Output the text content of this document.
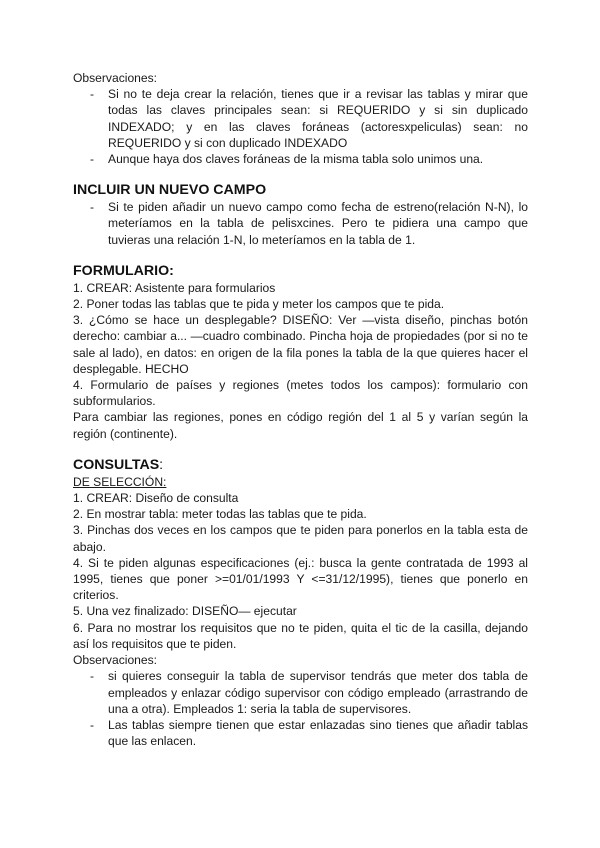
Observaciones:

- Si no te deja crear la relación, tienes que ir a revisar las tablas y mirar que todas las claves principales sean: si REQUERIDO y si sin duplicado INDEXADO; y en las claves foráneas (actoresxpeliculas) sean: no REQUERIDO y si con duplicado INDEXADO
- Aunque haya dos claves foráneas de la misma tabla solo unimos una.
INCLUIR UN NUEVO CAMPO
- Si te piden añadir un nuevo campo como fecha de estreno(relación N-N), lo meteríamos en la tabla de pelisxcines. Pero te pidiera una campo que tuvieras una relación 1-N, lo meteríamos en la tabla de 1.
FORMULARIO:

1. CREAR: Asistente para formularios

2. Poner todas las tablas que te pida y meter los campos que te pida.

3. ¿Cómo se hace un desplegable? DISEÑO: Ver —vista diseño, pinchas botón derecho: cambiar a... —cuadro combinado. Pincha hoja de propiedades (por si no te sale al lado), en datos: en origen de la fila pones la tabla de la que quieres hacer el desplegable. HECHO

4. Formulario de países y regiones (metes todos los campos): formulario con subformularios.

Para cambiar las regiones, pones en código región del 1 al 5 y varían según la región (continente).

CONSULTAS:

DE SELECCIÓN:

1. CREAR: Diseño de consulta

2. En mostrar tabla: meter todas las tablas que te pida.

3. Pinchas dos veces en los campos que te piden para ponerlos en la tabla esta de abajo.

4. Si te piden algunas especificaciones (ej.: busca la gente contratada de 1993 al 1995, tienes que poner >=01/01/1993 Y <=31/12/1995), tienes que ponerlo en criterios.

5. Una vez finalizado: DISEÑO— ejecutar

6. Para no mostrar los requisitos que no te piden, quita el tic de la casilla, dejando así los requisitos que te piden.

Observaciones:

- si quieres conseguir la tabla de supervisor tendrás que meter dos tabla de empleados y enlazar código supervisor con código empleado (arrastrando de una a otra). Empleados 1: seria la tabla de supervisores.
- Las tablas siempre tienen que estar enlazadas sino tienes que añadir tablas que las enlacen.
